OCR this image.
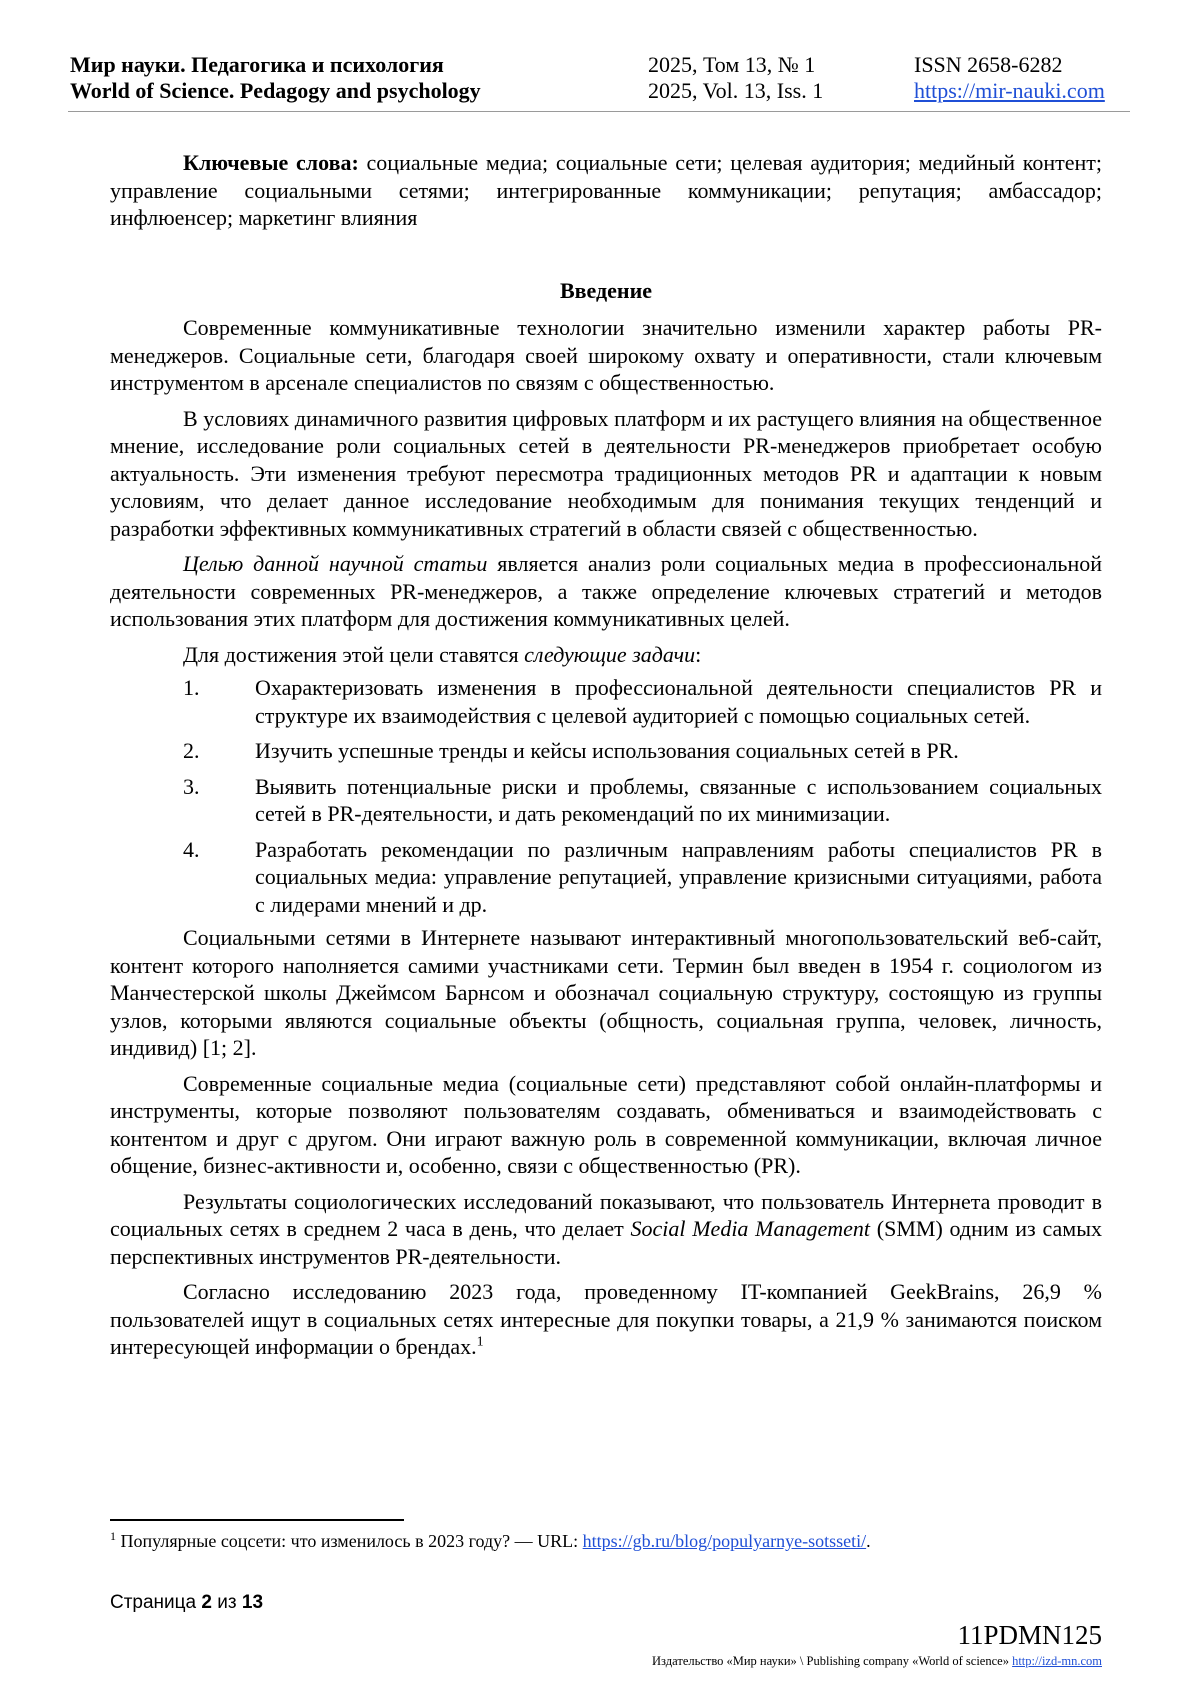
Мир науки. Педагогика и психология
World of Science. Pedagogy and psychology
2025, Том 13, № 1
2025, Vol. 13, Iss. 1
ISSN 2658-6282
https://mir-nauki.com

Ключевые слова: социальные медиа; социальные сети; целевая аудитория; медийный контент; управление социальными сетями; интегрированные коммуникации; репутация; амбассадор; инфлюенсер; маркетинг влияния

Введение

Современные коммуникативные технологии значительно изменили характер работы PR-менеджеров. Социальные сети, благодаря своей широкому охвату и оперативности, стали ключевым инструментом в арсенале специалистов по связям с общественностью.

В условиях динамичного развития цифровых платформ и их растущего влияния на общественное мнение, исследование роли социальных сетей в деятельности PR-менеджеров приобретает особую актуальность. Эти изменения требуют пересмотра традиционных методов PR и адаптации к новым условиям, что делает данное исследование необходимым для понимания текущих тенденций и разработки эффективных коммуникативных стратегий в области связей с общественностью.

Целью данной научной статьи является анализ роли социальных медиа в профессиональной деятельности современных PR-менеджеров, а также определение ключевых стратегий и методов использования этих платформ для достижения коммуникативных целей.

Для достижения этой цели ставятся следующие задачи:

1.	Охарактеризовать изменения в профессиональной деятельности специалистов PR и структуре их взаимодействия с целевой аудиторией с помощью социальных сетей.
2.	Изучить успешные тренды и кейсы использования социальных сетей в PR.
3.	Выявить потенциальные риски и проблемы, связанные с использованием социальных сетей в PR-деятельности, и дать рекомендаций по их минимизации.
4.	Разработать рекомендации по различным направлениям работы специалистов PR в социальных медиа: управление репутацией, управление кризисными ситуациями, работа с лидерами мнений и др.

Социальными сетями в Интернете называют интерактивный многопользовательский веб-сайт, контент которого наполняется самими участниками сети. Термин был введен в 1954 г. социологом из Манчестерской школы Джеймсом Барнсом и обозначал социальную структуру, состоящую из группы узлов, которыми являются социальные объекты (общность, социальная группа, человек, личность, индивид) [1; 2].

Современные социальные медиа (социальные сети) представляют собой онлайн-платформы и инструменты, которые позволяют пользователям создавать, обмениваться и взаимодействовать с контентом и друг с другом. Они играют важную роль в современной коммуникации, включая личное общение, бизнес-активности и, особенно, связи с общественностью (PR).

Результаты социологических исследований показывают, что пользователь Интернета проводит в социальных сетях в среднем 2 часа в день, что делает Social Media Management (SMM) одним из самых перспективных инструментов PR-деятельности.

Согласно исследованию 2023 года, проведенному IT-компанией GeekBrains, 26,9 % пользователей ищут в социальных сетях интересные для покупки товары, а 21,9 % занимаются поиском интересующей информации о брендах.$^1$

$^1$ Популярные соцсети: что изменилось в 2023 году? — URL: https://gb.ru/blog/populyarnye-sotsseti/.
Страница 2 из 13
11PDMN125
Издательство «Мир науки» \ Publishing company «World of science» http://izd-mn.com
